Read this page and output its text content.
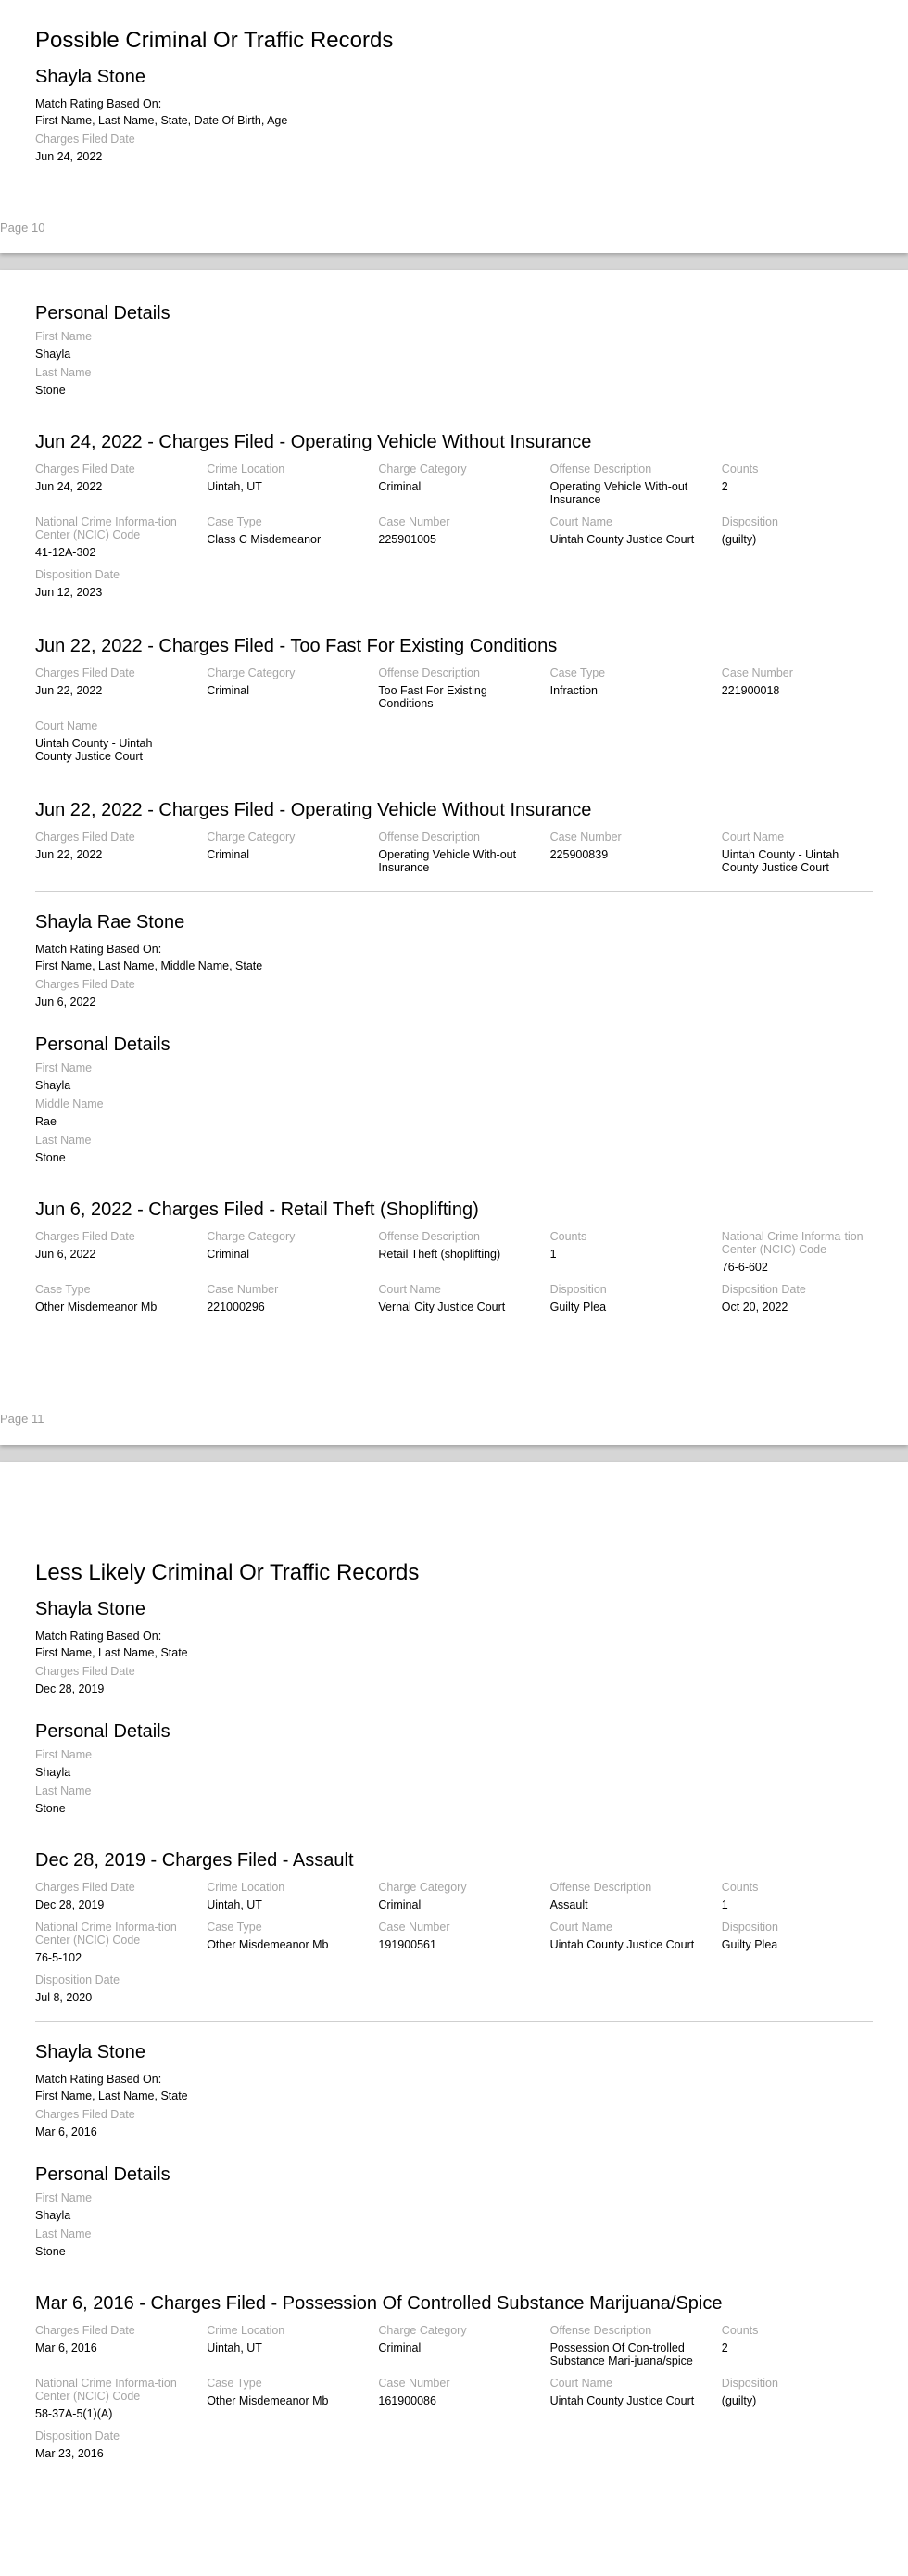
Possible Criminal Or Traffic Records
Shayla Stone
Match Rating Based On:
First Name, Last Name, State, Date Of Birth, Age
Charges Filed Date
Jun 24, 2022
Page 10
Personal Details
First Name
Shayla
Last Name
Stone
Jun 24, 2022 - Charges Filed - Operating Vehicle Without Insurance
Charges Filed Date
Jun 24, 2022
Crime Location
Uintah, UT
Charge Category
Criminal
Offense Description
Operating Vehicle With-out Insurance
Counts
2
National Crime Informa-tion Center (NCIC) Code
41-12A-302
Case Type
Class C Misdemeanor
Case Number
225901005
Court Name
Uintah County Justice Court
Disposition
(guilty)
Disposition Date
Jun 12, 2023
Jun 22, 2022 - Charges Filed - Too Fast For Existing Conditions
Charges Filed Date
Jun 22, 2022
Charge Category
Criminal
Offense Description
Too Fast For Existing Conditions
Case Type
Infraction
Case Number
221900018
Court Name
Uintah County - Uintah County Justice Court
Jun 22, 2022 - Charges Filed - Operating Vehicle Without Insurance
Charges Filed Date
Jun 22, 2022
Charge Category
Criminal
Offense Description
Operating Vehicle With-out Insurance
Case Number
225900839
Court Name
Uintah County - Uintah County Justice Court
Shayla Rae Stone
Match Rating Based On:
First Name, Last Name, Middle Name, State
Charges Filed Date
Jun 6, 2022
Personal Details
First Name
Shayla
Middle Name
Rae
Last Name
Stone
Jun 6, 2022 - Charges Filed - Retail Theft (Shoplifting)
Charges Filed Date
Jun 6, 2022
Charge Category
Criminal
Offense Description
Retail Theft (shoplifting)
Counts
1
National Crime Informa-tion Center (NCIC) Code
76-6-602
Case Type
Other Misdemeanor Mb
Case Number
221000296
Court Name
Vernal City Justice Court
Disposition
Guilty Plea
Disposition Date
Oct 20, 2022
Page 11
Less Likely Criminal Or Traffic Records
Shayla Stone
Match Rating Based On:
First Name, Last Name, State
Charges Filed Date
Dec 28, 2019
Personal Details
First Name
Shayla
Last Name
Stone
Dec 28, 2019 - Charges Filed - Assault
Charges Filed Date
Dec 28, 2019
Crime Location
Uintah, UT
Charge Category
Criminal
Offense Description
Assault
Counts
1
National Crime Informa-tion Center (NCIC) Code
76-5-102
Case Type
Other Misdemeanor Mb
Case Number
191900561
Court Name
Uintah County Justice Court
Disposition
Guilty Plea
Disposition Date
Jul 8, 2020
Shayla Stone
Match Rating Based On:
First Name, Last Name, State
Charges Filed Date
Mar 6, 2016
Personal Details
First Name
Shayla
Last Name
Stone
Mar 6, 2016 - Charges Filed - Possession Of Controlled Substance Marijuana/Spice
Charges Filed Date
Mar 6, 2016
Crime Location
Uintah, UT
Charge Category
Criminal
Offense Description
Possession Of Con-trolled Substance Mari-juana/spice
Counts
2
National Crime Informa-tion Center (NCIC) Code
58-37A-5(1)(A)
Case Type
Other Misdemeanor Mb
Case Number
161900086
Court Name
Uintah County Justice Court
Disposition
(guilty)
Disposition Date
Mar 23, 2016
